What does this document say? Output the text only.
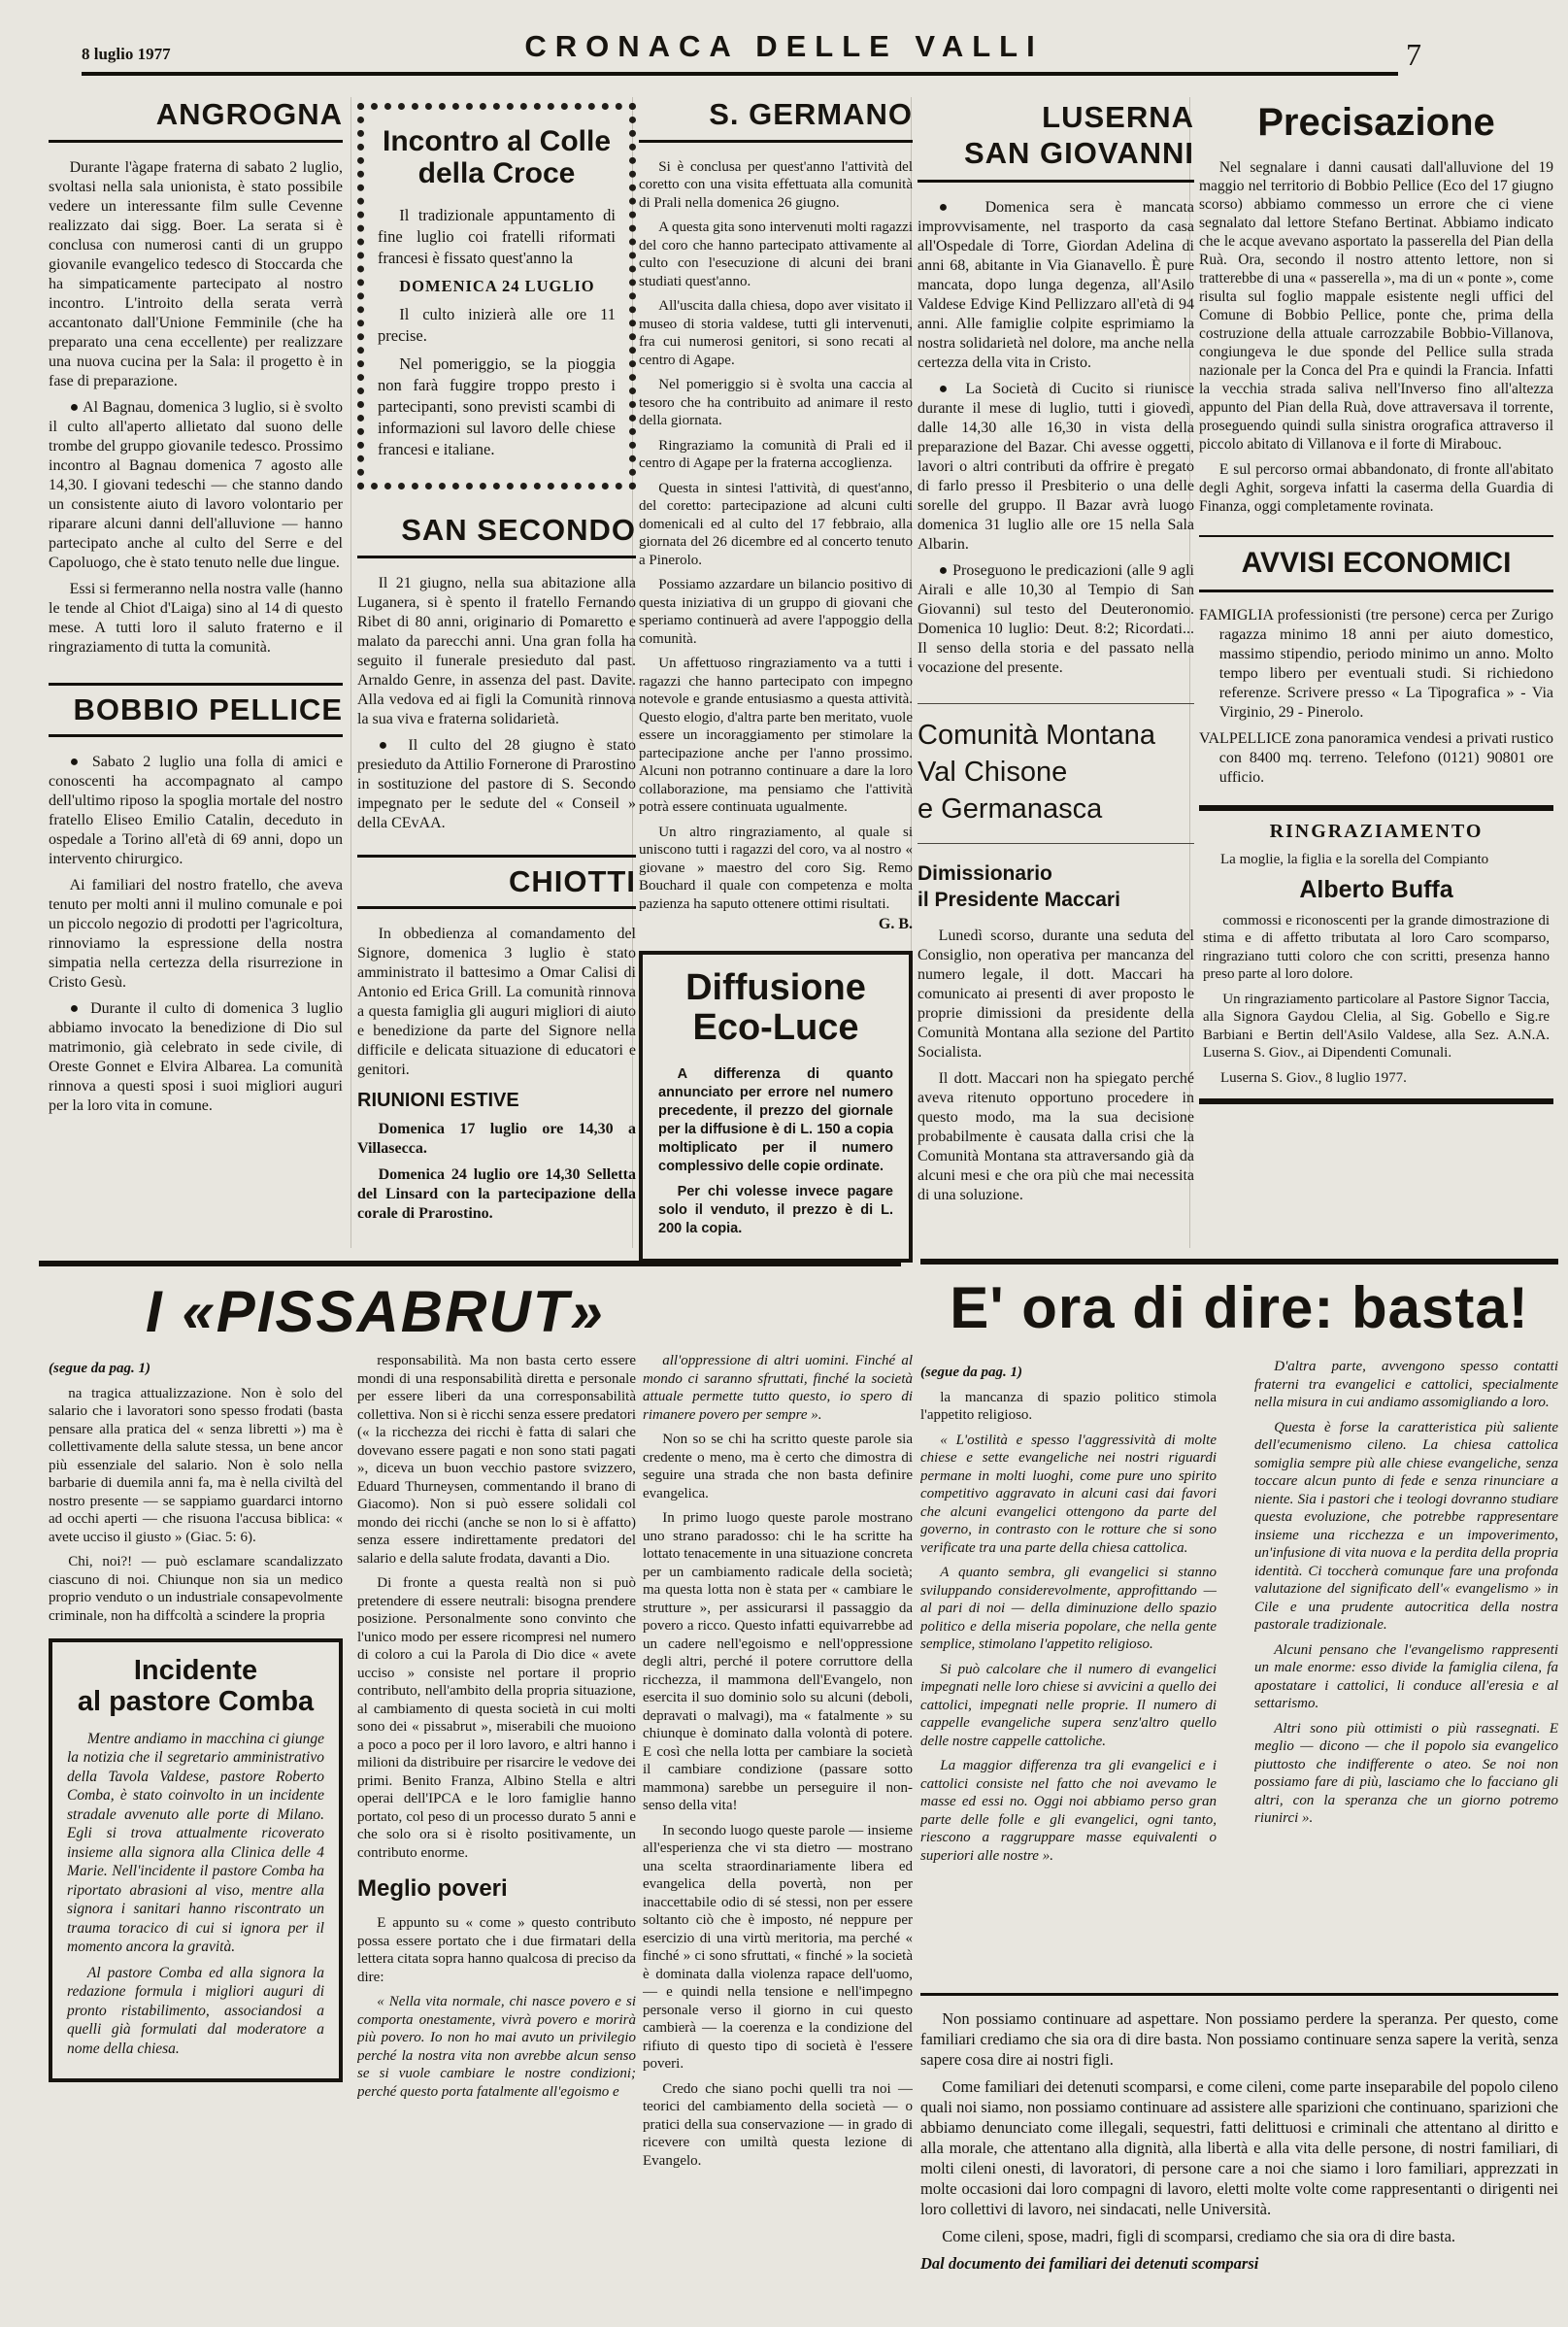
8 luglio 1977	CRONACA DELLE VALLI	7
ANGROGNA

Durante l'àgape fraterna di sabato 2 luglio, svoltasi nella sala unionista, è stato possibile vedere un interessante film sulle Cevenne realizzato dai sigg. Boer. La serata si è conclusa con numerosi canti di un gruppo giovanile evangelico tedesco di Stoccarda che ha simpaticamente partecipato al nostro incontro. L'introito della serata verrà accantonato dall'Unione Femminile (che ha preparato una cena eccellente) per realizzare una nuova cucina per la Sala: il progetto è in fase di preparazione.

● Al Bagnau, domenica 3 luglio, si è svolto il culto all'aperto allietato dal suono delle trombe del gruppo giovanile tedesco. Prossimo incontro al Bagnau domenica 7 agosto alle 14,30. I giovani tedeschi — che stanno dando un consistente aiuto di lavoro volontario per riparare alcuni danni dell'alluvione — hanno partecipato anche al culto del Serre e del Capoluogo, che è stato tenuto nelle due lingue.

Essi si fermeranno nella nostra valle (hanno le tende al Chiot d'Laiga) sino al 14 di questo mese. A tutti loro il saluto fraterno e il ringraziamento di tutta la comunità.

BOBBIO PELLICE

● Sabato 2 luglio una folla di amici e conoscenti ha accompagnato al campo dell'ultimo riposo la spoglia mortale del nostro fratello Eliseo Emilio Catalin, deceduto in ospedale a Torino all'età di 69 anni, dopo un intervento chirurgico.

Ai familiari del nostro fratello, che aveva tenuto per molti anni il mulino comunale e poi un piccolo negozio di prodotti per l'agricoltura, rinnoviamo la espressione della nostra simpatia nella certezza della risurrezione in Cristo Gesù.

● Durante il culto di domenica 3 luglio abbiamo invocato la benedizione di Dio sul matrimonio, già celebrato in sede civile, di Oreste Gonnet e Elvira Albarea. La comunità rinnova a questi sposi i suoi migliori auguri per la loro vita in comune.

Incontro al Colle
della Croce

Il tradizionale appuntamento di fine luglio coi fratelli riformati francesi è fissato quest'anno la

DOMENICA 24 LUGLIO

Il culto inizierà alle ore 11 precise.

Nel pomeriggio, se la pioggia non farà fuggire troppo presto i partecipanti, sono previsti scambi di informazioni sul lavoro delle chiese francesi e italiane.

SAN SECONDO

Il 21 giugno, nella sua abitazione alla Luganera, si è spento il fratello Fernando Ribet di 80 anni, originario di Pomaretto e malato da parecchi anni. Una gran folla ha seguito il funerale presieduto dal past. Arnaldo Genre, in assenza del past. Davite. Alla vedova ed ai figli la Comunità rinnova la sua viva e fraterna solidarietà.

● Il culto del 28 giugno è stato presieduto da Attilio Fornerone di Prarostino in sostituzione del pastore di S. Secondo impegnato per le sedute del « Conseil » della CEvAA.

CHIOTTI

In obbedienza al comandamento del Signore, domenica 3 luglio è stato amministrato il battesimo a Omar Calisi di Antonio ed Erica Grill. La comunità rinnova a questa famiglia gli auguri migliori di aiuto e benedizione da parte del Signore nella difficile e delicata situazione di educatori e genitori.

RIUNIONI ESTIVE

Domenica 17 luglio ore 14,30 a Villasecca.

Domenica 24 luglio ore 14,30 Selletta del Linsard con la partecipazione della corale di Prarostino.

S. GERMANO

Si è conclusa per quest'anno l'attività del coretto con una visita effettuata alla comunità di Prali nella domenica 26 giugno.

A questa gita sono intervenuti molti ragazzi del coro che hanno partecipato attivamente al culto con l'esecuzione di alcuni dei brani studiati quest'anno.

All'uscita dalla chiesa, dopo aver visitato il museo di storia valdese, tutti gli intervenuti, fra cui numerosi genitori, si sono recati al centro di Agape.

Nel pomeriggio si è svolta una caccia al tesoro che ha contribuito ad animare il resto della giornata.

Ringraziamo la comunità di Prali ed il centro di Agape per la fraterna accoglienza.

Questa in sintesi l'attività, di quest'anno, del coretto: partecipazione ad alcuni culti domenicali ed al culto del 17 febbraio, alla giornata del 26 dicembre ed al concerto tenuto a Pinerolo.

Possiamo azzardare un bilancio positivo di questa iniziativa di un gruppo di giovani che speriamo continuerà ad avere l'appoggio della comunità.

Un affettuoso ringraziamento va a tutti i ragazzi che hanno partecipato con impegno notevole e grande entusiasmo a questa attività. Questo elogio, d'altra parte ben meritato, vuole essere un incoraggiamento per stimolare la partecipazione anche per l'anno prossimo. Alcuni non potranno continuare a dare la loro collaborazione, ma pensiamo che l'attività potrà essere continuata ugualmente.

Un altro ringraziamento, al quale si uniscono tutti i ragazzi del coro, va al nostro « giovane » maestro del coro Sig. Remo Bouchard il quale con competenza e molta pazienza ha saputo ottenere ottimi risultati.

G. B.
Diffusione
Eco-Luce

A differenza di quanto annunciato per errore nel numero precedente, il prezzo del giornale per la diffusione è di L. 150 a copia moltiplicato per il numero complessivo delle copie ordinate.

Per chi volesse invece pagare solo il venduto, il prezzo è di L. 200 la copia.

LUSERNA
SAN GIOVANNI

● Domenica sera è mancata improvvisamente, nel trasporto da casa all'Ospedale di Torre, Giordan Adelina di anni 68, abitante in Via Gianavello. È pure mancata, dopo lunga degenza, all'Asilo Valdese Edvige Kind Pellizzaro all'età di 94 anni. Alle famiglie colpite esprimiamo la nostra solidarietà nel dolore, ma anche nella certezza della vita in Cristo.

● La Società di Cucito si riunisce durante il mese di luglio, tutti i giovedì, dalle 14,30 alle 16,30 in vista della preparazione del Bazar. Chi avesse oggetti, lavori o altri contributi da offrire è pregato di farlo presso il Presbiterio o una delle sorelle del gruppo. Il Bazar avrà luogo domenica 31 luglio alle ore 15 nella Sala Albarin.

● Proseguono le predicazioni (alle 9 agli Airali e alle 10,30 al Tempio di San Giovanni) sul testo del Deuteronomio. Domenica 10 luglio: Deut. 8:2; Ricordati... Il senso della storia e del passato nella vocazione del presente.

Comunità Montana
Val Chisone
e Germanasca
Dimissionario
il Presidente Maccari

Lunedì scorso, durante una seduta del Consiglio, non operativa per mancanza del numero legale, il dott. Maccari ha comunicato ai presenti di aver proposto le proprie dimissioni da presidente della Comunità Montana alla sezione del Partito Socialista.

Il dott. Maccari non ha spiegato perché aveva ritenuto opportuno procedere in questo modo, ma la sua decisione probabilmente è causata dalla crisi che la Comunità Montana sta attraversando già da alcuni mesi e che ora più che mai necessita di una soluzione.

Precisazione

Nel segnalare i danni causati dall'alluvione del 19 maggio nel territorio di Bobbio Pellice (Eco del 17 giugno scorso) abbiamo commesso un errore che ci viene segnalato dal lettore Stefano Bertinat. Abbiamo indicato che le acque avevano asportato la passerella del Pian della Ruà. Ora, secondo il nostro attento lettore, non si tratterebbe di una « passerella », ma di un « ponte », come risulta sul foglio mappale esistente negli uffici del Comune di Bobbio Pellice, ponte che, prima della costruzione della attuale carrozzabile Bobbio-Villanova, congiungeva le due sponde del Pellice sulla strada nazionale per la Conca del Pra e quindi la Francia. Infatti la vecchia strada saliva nell'Inverso fino all'altezza appunto del Pian della Ruà, dove attraversava il torrente, proseguendo quindi sulla sinistra orografica attraverso il piccolo abitato di Villanova e il forte di Mirabouc.

E sul percorso ormai abbandonato, di fronte all'abitato degli Aghit, sorgeva infatti la caserma della Guardia di Finanza, oggi completamente rovinata.

AVVISI ECONOMICI

FAMIGLIA professionisti (tre persone) cerca per Zurigo ragazza minimo 18 anni per aiuto domestico, massimo stipendio, periodo minimo un anno. Molto tempo libero per eventuali studi. Si richiedono referenze. Scrivere presso « La Tipografica » - Via Virginio, 29 - Pinerolo.

VALPELLICE zona panoramica vendesi a privati rustico con 8400 mq. terreno. Telefono (0121) 90801 ore ufficio.

RINGRAZIAMENTO

La moglie, la figlia e la sorella del Compianto

Alberto Buffa

commossi e riconoscenti per la grande dimostrazione di stima e di affetto tributata al loro Caro scomparso, ringraziano tutti coloro che con scritti, presenza hanno preso parte al loro dolore.

Un ringraziamento particolare al Pastore Signor Taccia, alla Signora Gaydou Clelia, al Sig. Gobello e Sig.re Barbiani e Bertin dell'Asilo Valdese, alla Sez. A.N.A. Luserna S. Giov., ai Dipendenti Comunali.

Luserna S. Giov., 8 luglio 1977.

I «PISSABRUT»

(segue da pag. 1)

na tragica attualizzazione. Non è solo del salario che i lavoratori sono spesso frodati (basta pensare alla pratica del « senza libretti ») ma è collettivamente della salute stessa, un bene ancor più essenziale del salario. Non è solo nella barbarie di duemila anni fa, ma è nella civiltà del nostro presente — se sappiamo guardarci intorno ad occhi aperti — che risuona l'accusa biblica: « avete ucciso il giusto » (Giac. 5: 6).

Chi, noi?! — può esclamare scandalizzato ciascuno di noi. Chiunque non sia un medico proprio venduto o un industriale consapevolmente criminale, non ha diffcoltà a scindere la propria

Incidente
al pastore Comba

Mentre andiamo in macchina ci giunge la notizia che il segretario amministrativo della Tavola Valdese, pastore Roberto Comba, è stato coinvolto in un incidente stradale avvenuto alle porte di Milano. Egli si trova attualmente ricoverato insieme alla signora alla Clinica delle 4 Marie. Nell'incidente il pastore Comba ha riportato abrasioni al viso, mentre alla signora i sanitari hanno riscontrato un trauma toracico di cui si ignora per il momento ancora la gravità.

Al pastore Comba ed alla signora la redazione formula i migliori auguri di pronto ristabilimento, associandosi a quelli già formulati dal moderatore a nome della chiesa.

responsabilità. Ma non basta certo essere mondi di una responsabilità diretta e personale per essere liberi da una corresponsabilità collettiva. Non si è ricchi senza essere predatori (« la ricchezza dei ricchi è fatta di salari che dovevano essere pagati e non sono stati pagati », diceva un buon vecchio pastore svizzero, Eduard Thurneysen, commentando il brano di Giacomo). Non si può essere solidali col mondo dei ricchi (anche se non lo si è affatto) senza essere indirettamente predatori del salario e della salute frodata, davanti a Dio.

Di fronte a questa realtà non si può pretendere di essere neutrali: bisogna prendere posizione. Personalmente sono convinto che l'unico modo per essere ricompresi nel numero di coloro a cui la Parola di Dio dice « avete ucciso » consiste nel portare il proprio contributo, nell'ambito della propria situazione, al cambiamento di questa società in cui molti sono dei « pissabrut », miserabili che muoiono a poco a poco per il loro lavoro, e altri hanno i milioni da distribuire per risarcire le vedove dei primi. Benito Franza, Albino Stella e altri operai dell'IPCA e le loro famiglie hanno portato, col peso di un processo durato 5 anni e che solo ora si è risolto positivamente, un contributo enorme.

Meglio poveri

E appunto su « come » questo contributo possa essere portato che i due firmatari della lettera citata sopra hanno qualcosa di preciso da dire:

« Nella vita normale, chi nasce povero e si comporta onestamente, vivrà povero e morirà più povero. Io non ho mai avuto un privilegio perché la nostra vita non avrebbe alcun senso se si vuole cambiare le nostre condizioni; perché questo porta fatalmente all'egoismo e

all'oppressione di altri uomini. Finché al mondo ci saranno sfruttati, finché la società attuale permette tutto questo, io spero di rimanere povero per sempre ».

Non so se chi ha scritto queste parole sia credente o meno, ma è certo che dimostra di seguire una strada che non basta definire evangelica.

In primo luogo queste parole mostrano uno strano paradosso: chi le ha scritte ha lottato tenacemente in una situazione concreta per un cambiamento radicale della società; ma questa lotta non è stata per « cambiare le strutture », per assicurarsi il passaggio da povero a ricco. Questo infatti equivarrebbe ad un cadere nell'egoismo e nell'oppressione degli altri, perché il potere corruttore della ricchezza, il mammona dell'Evangelo, non esercita il suo dominio solo su alcuni (deboli, depravati o malvagi), ma « fatalmente » su chiunque è dominato dalla volontà di potere. E così che nella lotta per cambiare la società il cambiare condizione (passare sotto mammona) sarebbe un perseguire il non-senso della vita!

In secondo luogo queste parole — insieme all'esperienza che vi sta dietro — mostrano una scelta straordinariamente libera ed evangelica della povertà, non per inaccettabile odio di sé stessi, non per essere soltanto ciò che è imposto, né neppure per esercizio di una virtù meritoria, ma perché « finché » ci sono sfruttati, « finché » la società è dominata dalla violenza rapace dell'uomo, — e quindi nella tensione e nell'impegno personale verso il giorno in cui questo cambierà — la coerenza e la condizione del rifiuto di questo tipo di società è l'essere poveri.

Credo che siano pochi quelli tra noi — teorici del cambiamento della società — o pratici della sua conservazione — in grado di ricevere con umiltà questa lezione di Evangelo.

E' ora di dire: basta!

(segue da pag. 1)

la mancanza di spazio politico stimola l'appetito religioso.

« L'ostilità e spesso l'aggressività di molte chiese e sette evangeliche nei nostri riguardi permane in molti luoghi, come pure uno spirito competitivo aggravato in alcuni casi dai favori che alcuni evangelici ottengono da parte del governo, in contrasto con le rotture che si sono verificate tra una parte della chiesa cattolica.

A quanto sembra, gli evangelici si stanno sviluppando considerevolmente, approfittando — al pari di noi — della diminuzione dello spazio politico e della miseria popolare, che nella gente semplice, stimolano l'appetito religioso.

Si può calcolare che il numero di evangelici impegnati nelle loro chiese si avvicini a quello dei cattolici, impegnati nelle proprie. Il numero di cappelle evangeliche supera senz'altro quello delle nostre cappelle cattoliche.

La maggior differenza tra gli evangelici e i cattolici consiste nel fatto che noi avevamo le masse ed essi no. Oggi noi abbiamo perso gran parte delle folle e gli evangelici, ogni tanto, riescono a raggruppare masse equivalenti o superiori alle nostre ».

D'altra parte, avvengono spesso contatti fraterni tra evangelici e cattolici, specialmente nella misura in cui andiamo assomigliando a loro.

Questa è forse la caratteristica più saliente dell'ecumenismo cileno. La chiesa cattolica somiglia sempre più alle chiese evangeliche, senza toccare alcun punto di fede e senza rinunciare a niente. Sia i pastori che i teologi dovranno studiare questa evoluzione, che potrebbe rappresentare insieme una ricchezza e un impoverimento, un'infusione di vita nuova e la perdita della propria identità. Ci toccherà comunque fare una profonda valutazione del significato dell'« evangelismo » in Cile e una prudente autocritica della nostra pastorale tradizionale.

Alcuni pensano che l'evangelismo rappresenti un male enorme: esso divide la famiglia cilena, fa apostatare i cattolici, li conduce all'eresia e al settarismo.

Altri sono più ottimisti o più rassegnati. E meglio — dicono — che il popolo sia evangelico piuttosto che indifferente o ateo. Se noi non possiamo fare di più, lasciamo che lo facciano gli altri, con la speranza che un giorno potremo riunirci ».

Non possiamo continuare ad aspettare. Non possiamo perdere la speranza. Per questo, come familiari crediamo che sia ora di dire basta. Non possiamo continuare senza sapere la verità, senza sapere cosa dire ai nostri figli.

Come familiari dei detenuti scomparsi, e come cileni, come parte inseparabile del popolo cileno quali noi siamo, non possiamo continuare ad assistere alle sparizioni che continuano, sparizioni che abbiamo denunciato come illegali, sequestri, fatti delittuosi e criminali che attentano al diritto e alla morale, che attentano alla dignità, alla libertà e alla vita delle persone, di nostri familiari, di molti cileni onesti, di lavoratori, di persone care a noi che siamo i loro familiari, apprezzati in molte occasioni dai loro compagni di lavoro, eletti molte volte come rappresentanti o dirigenti nei loro collettivi di lavoro, nei sindacati, nelle Università.

Come cileni, spose, madri, figli di scomparsi, crediamo che sia ora di dire basta.

Dal documento dei familiari dei detenuti scomparsi
